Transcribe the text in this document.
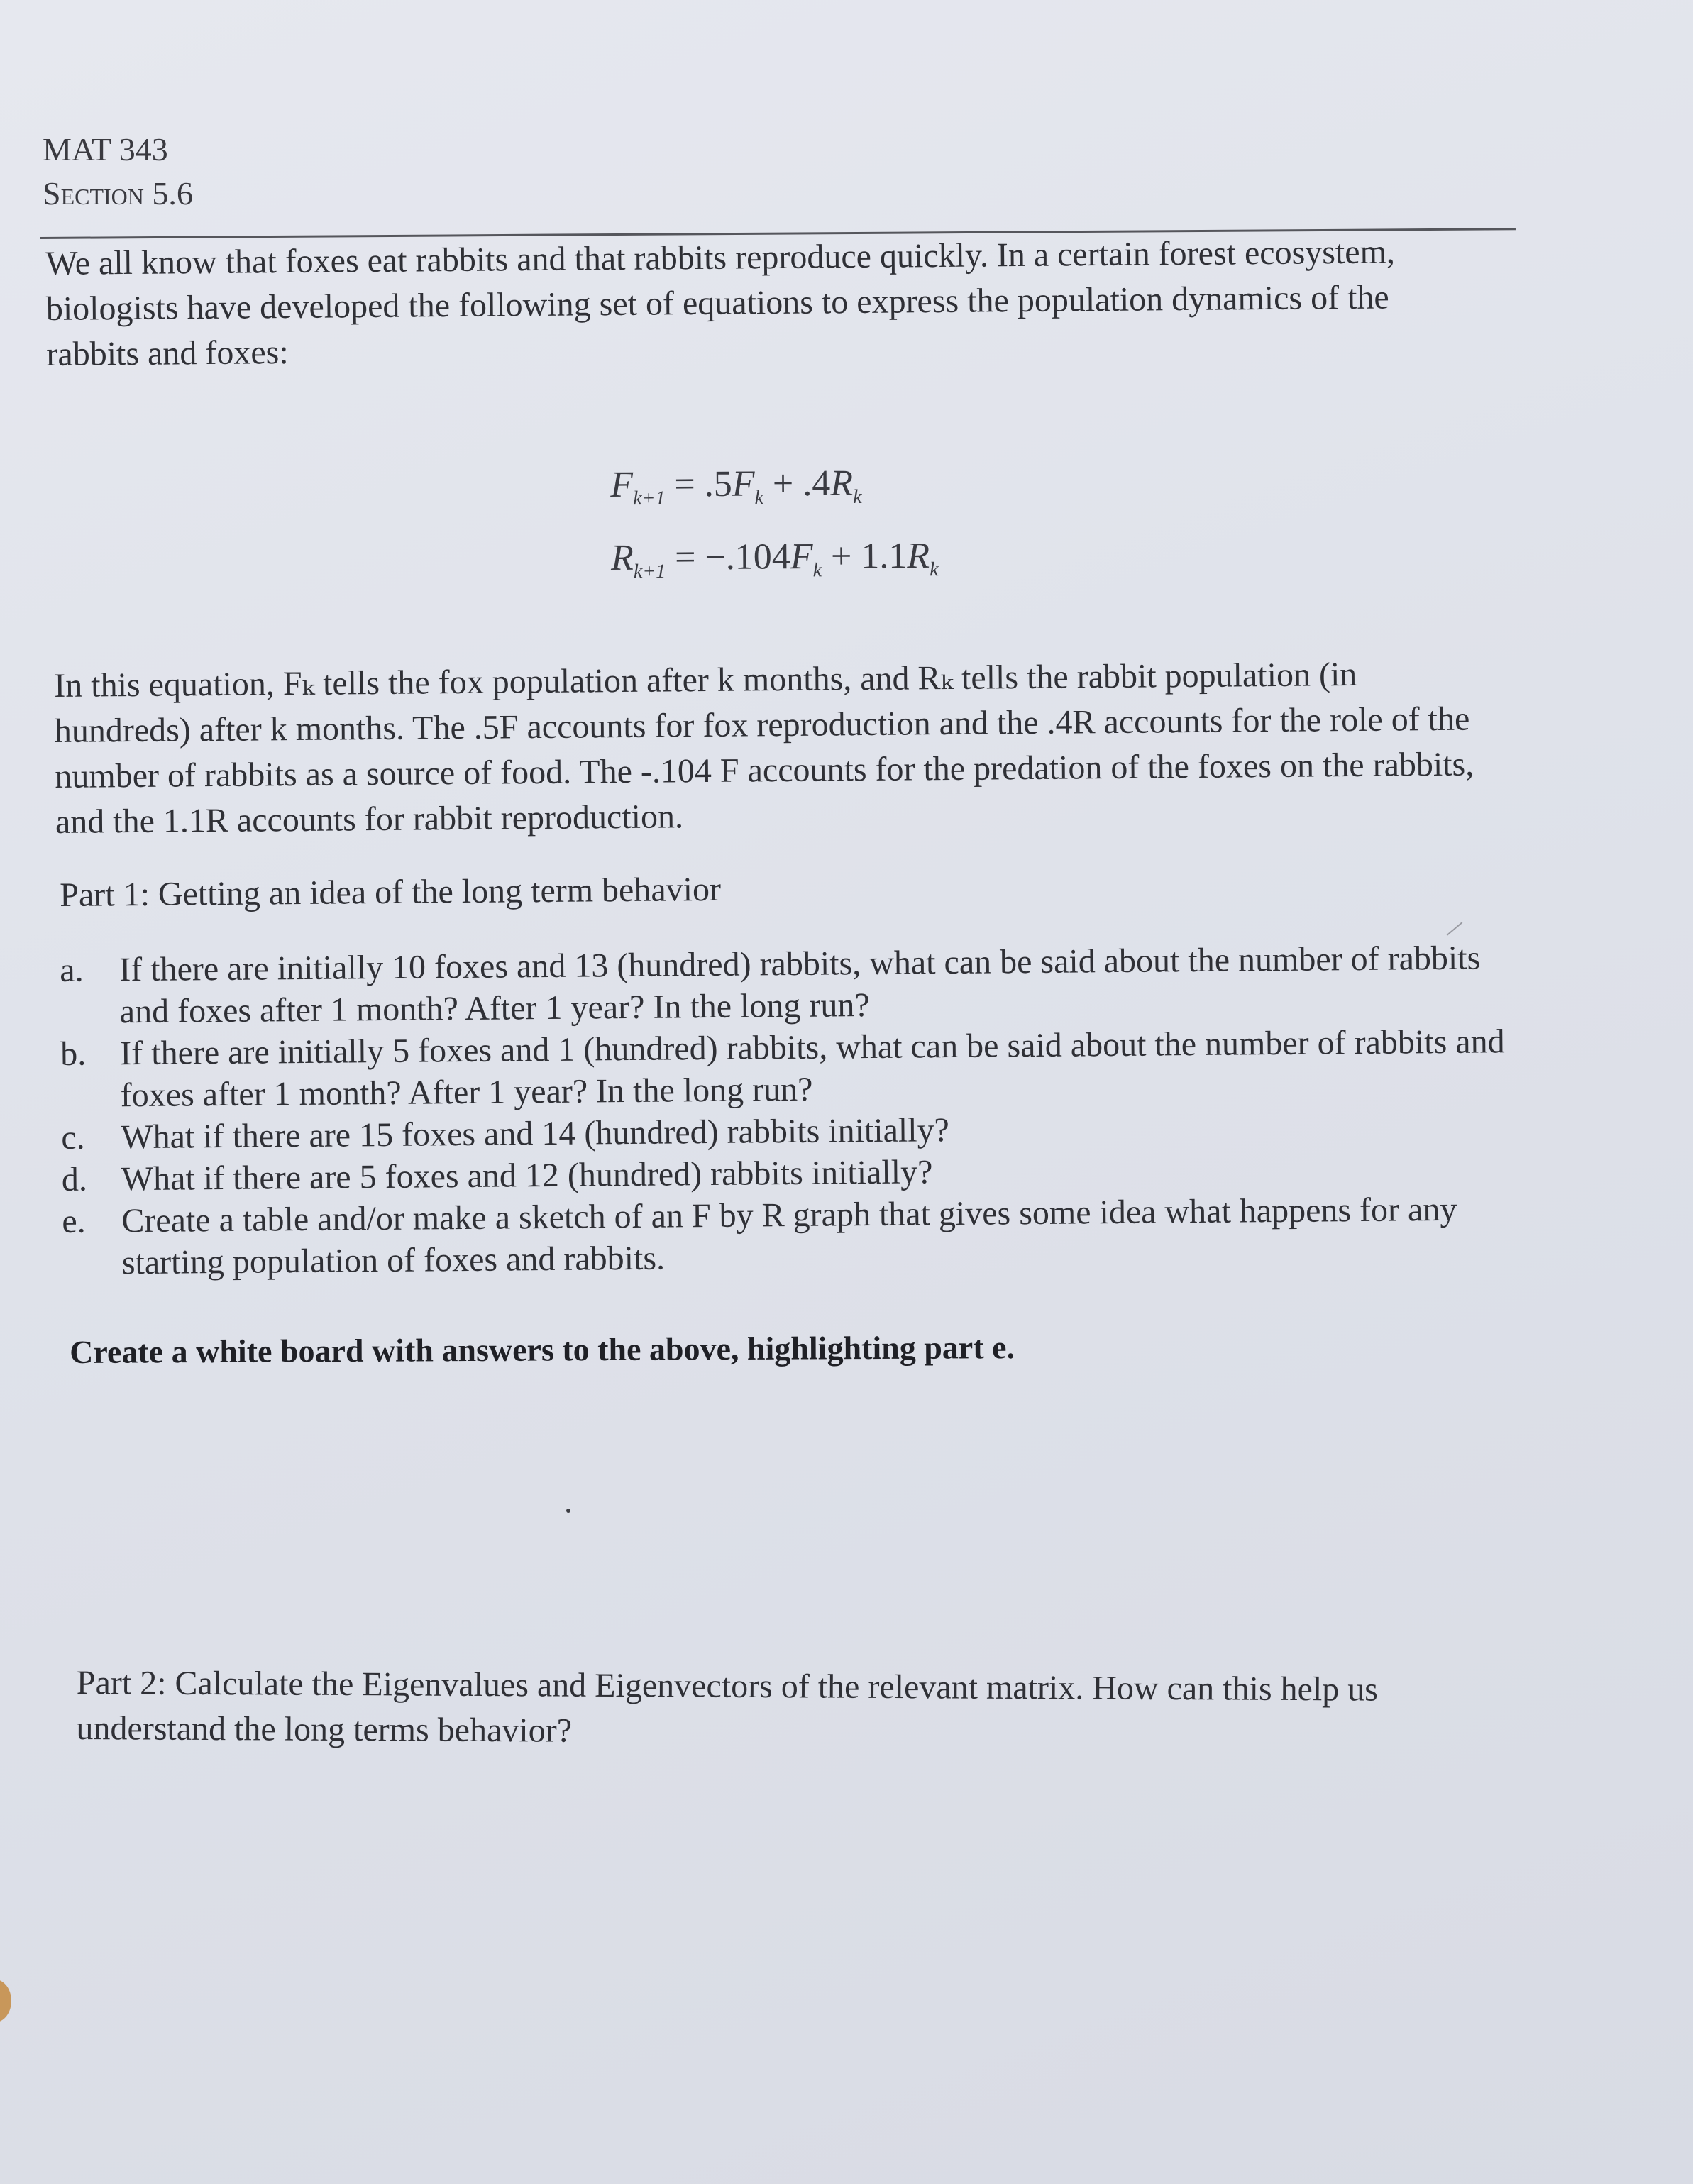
MAT 343
Section 5.6
We all know that foxes eat rabbits and that rabbits reproduce quickly. In a certain forest ecosystem, biologists have developed the following set of equations to express the population dynamics of the rabbits and foxes:
$F_{k+1} = .5F_k + .4R_k$
$R_{k+1} = -.104F_k + 1.1R_k$
In this equation, Fₖ tells the fox population after k months, and Rₖ tells the rabbit population (in hundreds) after k months. The .5F accounts for fox reproduction and the .4R accounts for the role of the number of rabbits as a source of food. The -.104 F accounts for the predation of the foxes on the rabbits, and the 1.1R accounts for rabbit reproduction.
Part 1: Getting an idea of the long term behavior
a.	If there are initially 10 foxes and 13 (hundred) rabbits, what can be said about the number of rabbits and foxes after 1 month? After 1 year? In the long run?
b. If there are initially 5 foxes and 1 (hundred) rabbits, what can be said about the number of rabbits and foxes after 1 month? After 1 year? In the long run?
c.	What if there are 15 foxes and 14 (hundred) rabbits initially?
d. What if there are 5 foxes and 12 (hundred) rabbits initially?
e.	Create a table and/or make a sketch of an F by R graph that gives some idea what happens for any starting population of foxes and rabbits.
Create a white board with answers to the above, highlighting part e.
Part 2: Calculate the Eigenvalues and Eigenvectors of the relevant matrix. How can this help us understand the long terms behavior?
